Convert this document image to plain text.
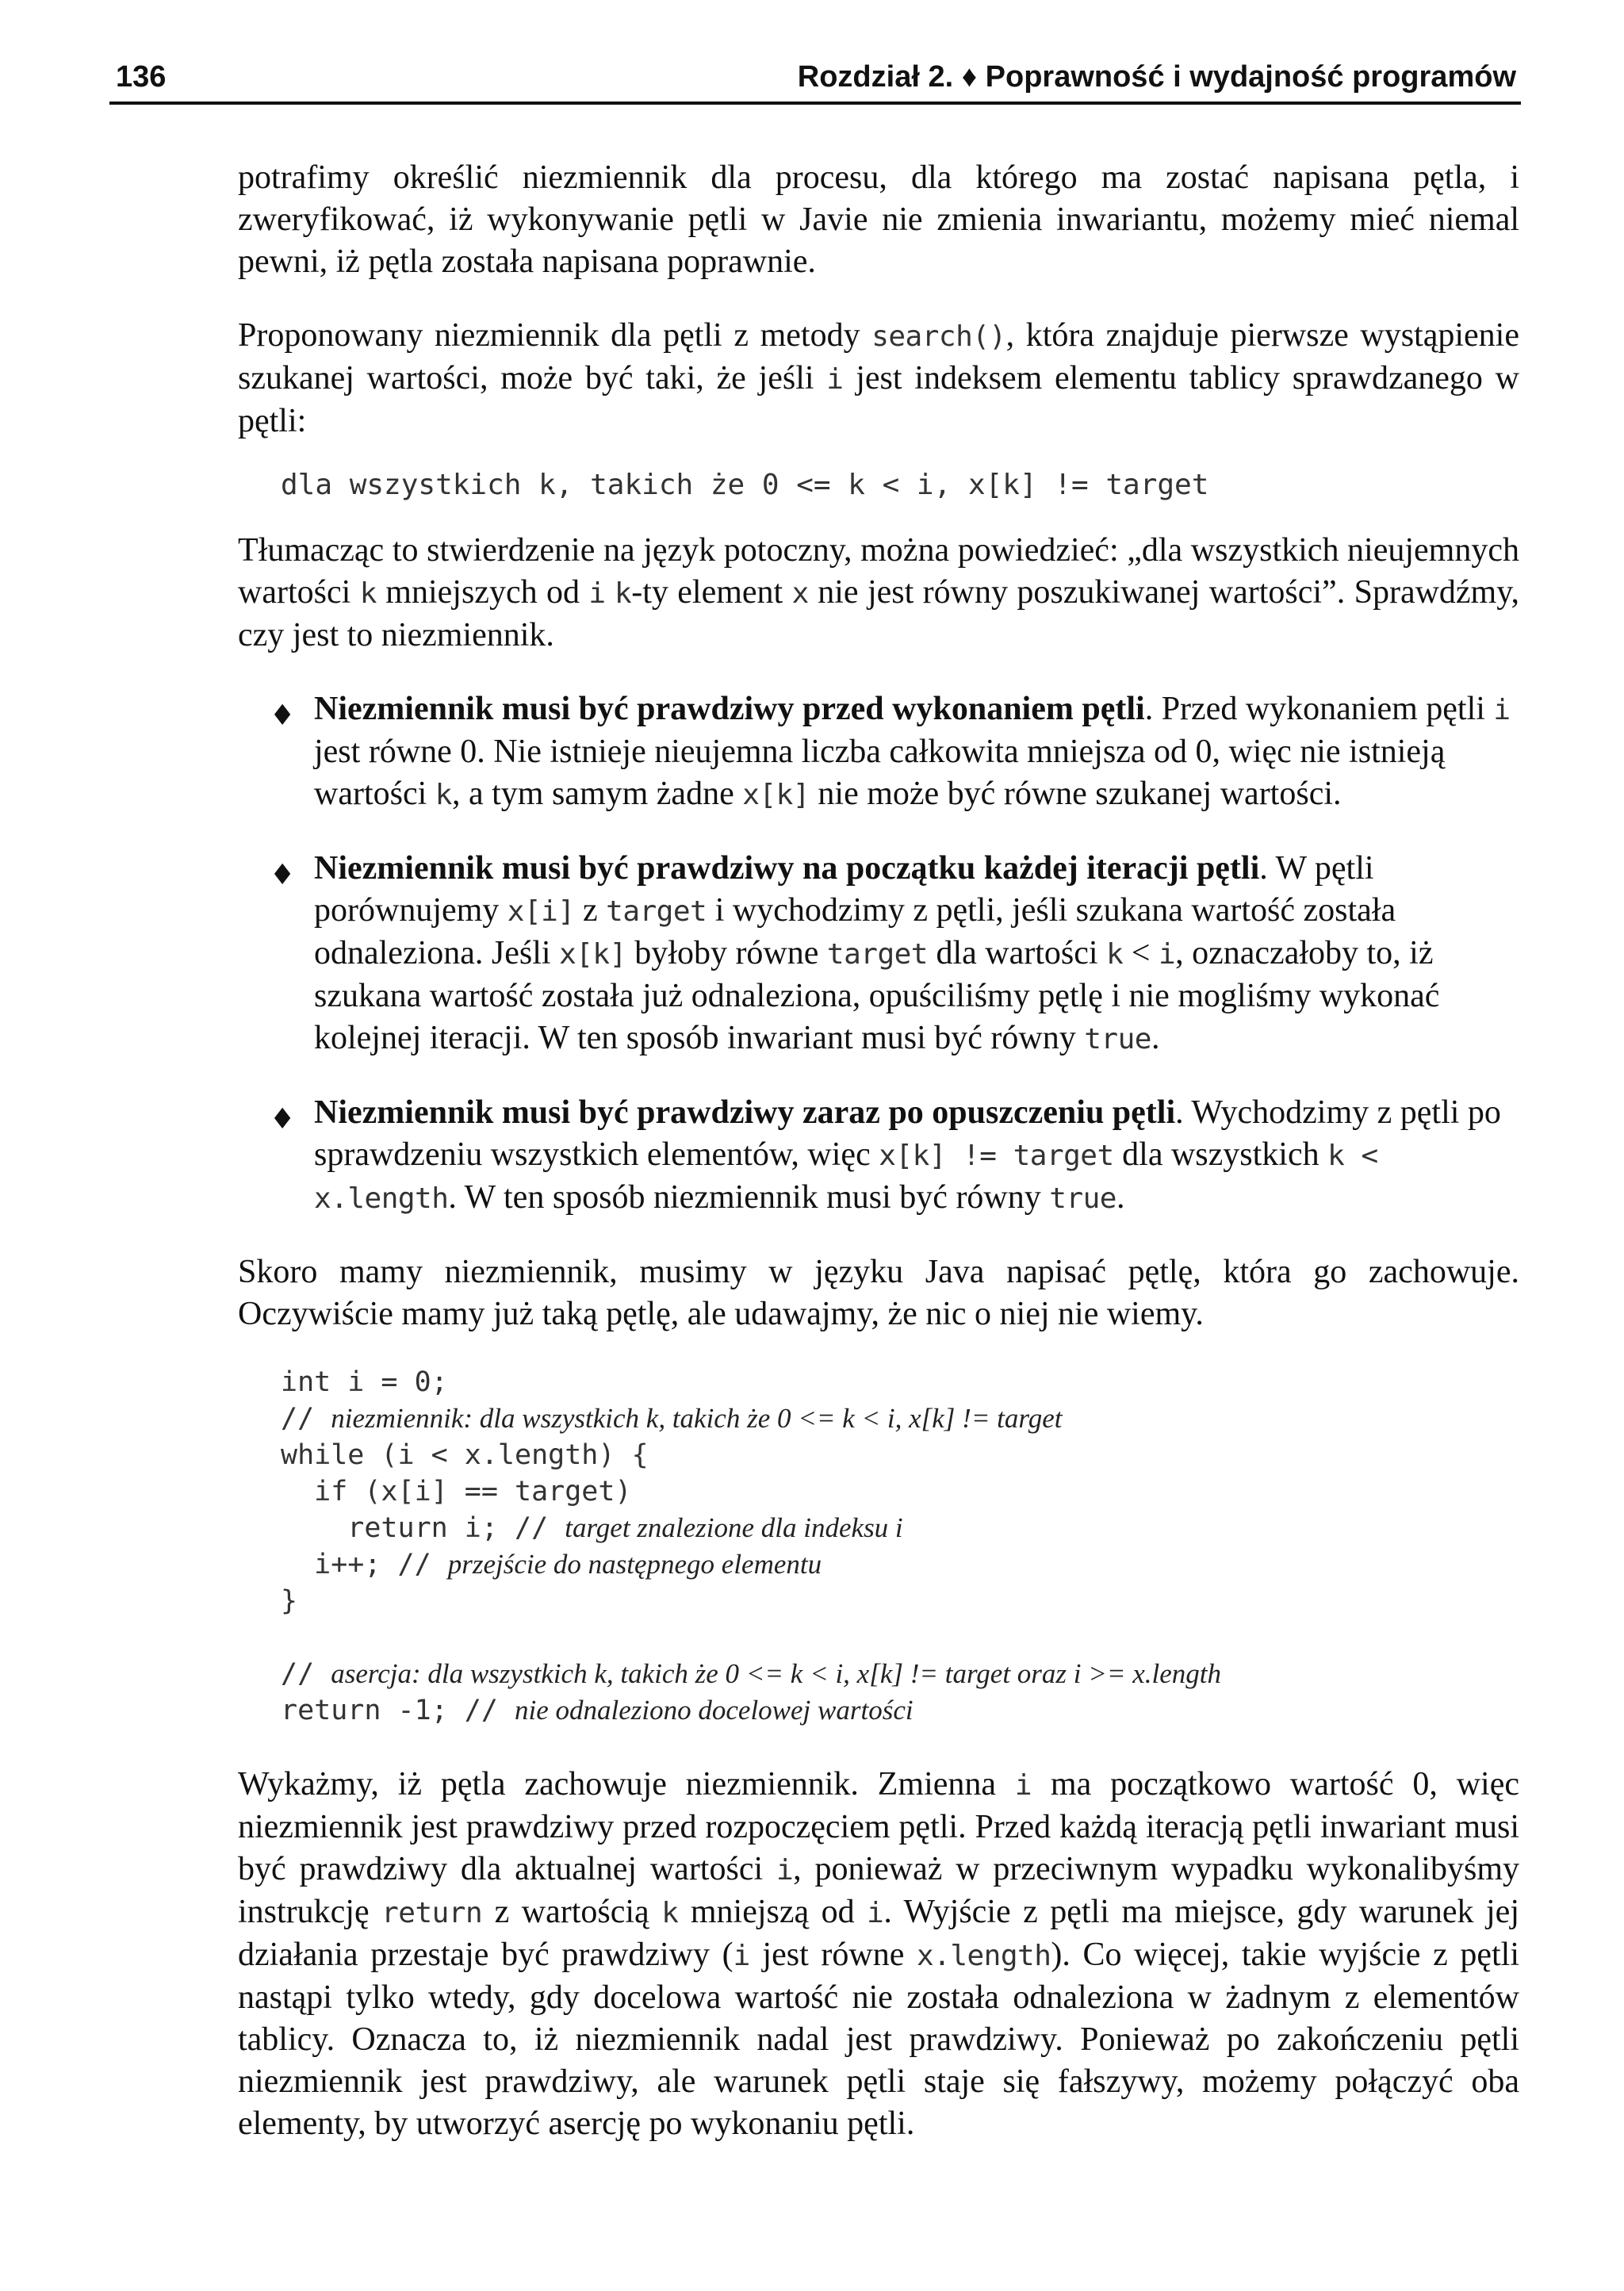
136	Rozdział 2. ♦ Poprawność i wydajność programów

potrafimy określić niezmiennik dla procesu, dla którego ma zostać napisana pętla, i zweryfikować, iż wykonywanie pętli w Javie nie zmienia inwariantu, możemy mieć niemal pewni, iż pętla została napisana poprawnie.

Proponowany niezmiennik dla pętli z metody search(), która znajduje pierwsze wystąpienie szukanej wartości, może być taki, że jeśli i jest indeksem elementu tablicy sprawdzanego w pętli:

dla wszystkich k, takich że 0 <= k < i, x[k] != target

Tłumacząc to stwierdzenie na język potoczny, można powiedzieć: „dla wszystkich nieujemnych wartości k mniejszych od i k-ty element x nie jest równy poszukiwanej wartości”. Sprawdźmy, czy jest to niezmiennik.

♦ Niezmiennik musi być prawdziwy przed wykonaniem pętli. Przed wykonaniem pętli i jest równe 0. Nie istnieje nieujemna liczba całkowita mniejsza od 0, więc nie istnieją wartości k, a tym samym żadne x[k] nie może być równe szukanej wartości.
♦ Niezmiennik musi być prawdziwy na początku każdej iteracji pętli. W pętli porównujemy x[i] z target i wychodzimy z pętli, jeśli szukana wartość została odnaleziona. Jeśli x[k] byłoby równe target dla wartości k < i, oznaczałoby to, iż szukana wartość została już odnaleziona, opuściliśmy pętlę i nie mogliśmy wykonać kolejnej iteracji. W ten sposób inwariant musi być równy true.
♦ Niezmiennik musi być prawdziwy zaraz po opuszczeniu pętli. Wychodzimy z pętli po sprawdzeniu wszystkich elementów, więc x[k] != target dla wszystkich k < x.length. W ten sposób niezmiennik musi być równy true.

Skoro mamy niezmiennik, musimy w języku Java napisać pętlę, która go zachowuje. Oczywiście mamy już taką pętlę, ale udawajmy, że nic o niej nie wiemy.

int i = 0;
// niezmiennik: dla wszystkich k, takich że 0 <= k < i, x[k] != target
while (i < x.length) {
if (x[i] == target)
return i; // target znalezione dla indeksu i
i++; // przejście do następnego elementu
}
// asercja: dla wszystkich k, takich że 0 <= k < i, x[k] != target oraz i >= x.length
return -1; // nie odnaleziono docelowej wartości

Wykażmy, iż pętla zachowuje niezmiennik. Zmienna i ma początkowo wartość 0, więc niezmiennik jest prawdziwy przed rozpoczęciem pętli. Przed każdą iteracją pętli inwariant musi być prawdziwy dla aktualnej wartości i, ponieważ w przeciwnym wypadku wykonalibyśmy instrukcję return z wartością k mniejszą od i. Wyjście z pętli ma miejsce, gdy warunek jej działania przestaje być prawdziwy (i jest równe x.length). Co więcej, takie wyjście z pętli nastąpi tylko wtedy, gdy docelowa wartość nie została odnaleziona w żadnym z elementów tablicy. Oznacza to, iż niezmiennik nadal jest prawdziwy. Ponieważ po zakończeniu pętli niezmiennik jest prawdziwy, ale warunek pętli staje się fałszywy, możemy połączyć oba elementy, by utworzyć asercję po wykonaniu pętli.
